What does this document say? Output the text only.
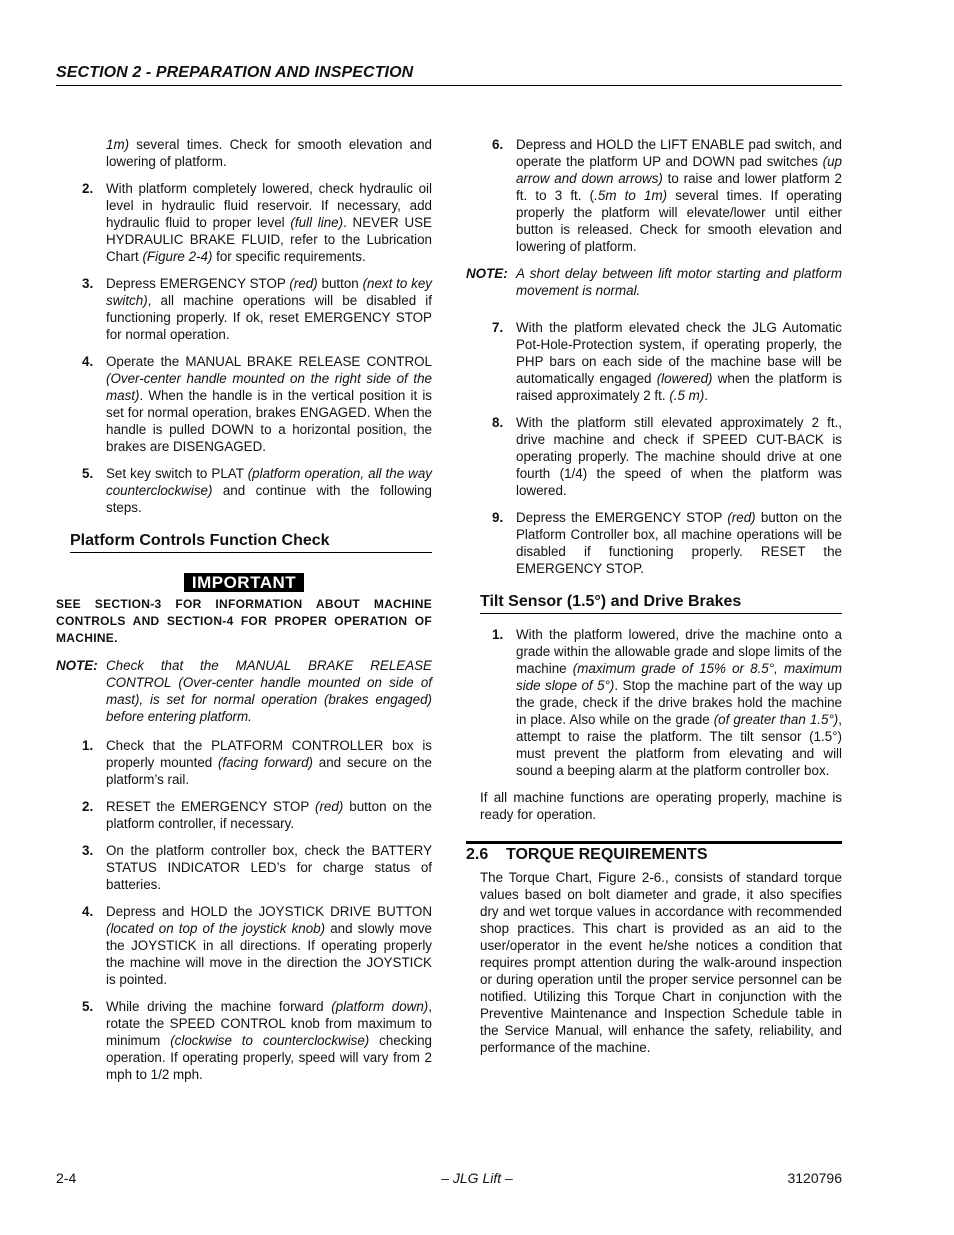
SECTION 2 - PREPARATION AND INSPECTION
1m) several times. Check for smooth elevation and lowering of platform.
2. With platform completely lowered, check hydraulic oil level in hydraulic fluid reservoir. If necessary, add hydraulic fluid to proper level (full line). NEVER USE HYDRAULIC BRAKE FLUID, refer to the Lubrication Chart (Figure 2-4) for specific requirements.
3. Depress EMERGENCY STOP (red) button (next to key switch), all machine operations will be disabled if functioning properly. If ok, reset EMERGENCY STOP for normal operation.
4. Operate the MANUAL BRAKE RELEASE CONTROL (Over-center handle mounted on the right side of the mast). When the handle is in the vertical position it is set for normal operation, brakes ENGAGED. When the handle is pulled DOWN to a horizontal position, the brakes are DISENGAGED.
5. Set key switch to PLAT (platform operation, all the way counterclockwise) and continue with the following steps.
Platform Controls Function Check
IMPORTANT
SEE SECTION-3 FOR INFORMATION ABOUT MACHINE CONTROLS AND SECTION-4 FOR PROPER OPERATION OF MACHINE.
NOTE: Check that the MANUAL BRAKE RELEASE CONTROL (Over-center handle mounted on side of mast), is set for normal operation (brakes engaged) before entering platform.
1. Check that the PLATFORM CONTROLLER box is properly mounted (facing forward) and secure on the platform’s rail.
2. RESET the EMERGENCY STOP (red) button on the platform controller, if necessary.
3. On the platform controller box, check the BATTERY STATUS INDICATOR LED’s for charge status of batteries.
4. Depress and HOLD the JOYSTICK DRIVE BUTTON (located on top of the joystick knob) and slowly move the JOYSTICK in all directions. If operating properly the machine will move in the direction the JOYSTICK is pointed.
5. While driving the machine forward (platform down), rotate the SPEED CONTROL knob from maximum to minimum (clockwise to counterclockwise) checking operation. If operating properly, speed will vary from 2 mph to 1/2 mph.
6. Depress and HOLD the LIFT ENABLE pad switch, and operate the platform UP and DOWN pad switches (up arrow and down arrows) to raise and lower platform 2 ft. to 3 ft. (.5m to 1m) several times. If operating properly the platform will elevate/lower until either button is released. Check for smooth elevation and lowering of platform.
NOTE: A short delay between lift motor starting and platform movement is normal.
7. With the platform elevated check the JLG Automatic Pot-Hole-Protection system, if operating properly, the PHP bars on each side of the machine base will be automatically engaged (lowered) when the platform is raised approximately 2 ft. (.5 m).
8. With the platform still elevated approximately 2 ft., drive machine and check if SPEED CUT-BACK is operating properly. The machine should drive at one fourth (1/4) the speed of when the platform was lowered.
9. Depress the EMERGENCY STOP (red) button on the Platform Controller box, all machine operations will be disabled if functioning properly. RESET the EMERGENCY STOP.
Tilt Sensor (1.5°) and Drive Brakes
1. With the platform lowered, drive the machine onto a grade within the allowable grade and slope limits of the machine (maximum grade of 15% or 8.5°, maximum side slope of 5°). Stop the machine part of the way up the grade, check if the drive brakes hold the machine in place. Also while on the grade (of greater than 1.5°), attempt to raise the platform. The tilt sensor (1.5°) must prevent the platform from elevating and will sound a beeping alarm at the platform controller box.
If all machine functions are operating properly, machine is ready for operation.
2.6 TORQUE REQUIREMENTS
The Torque Chart, Figure 2-6., consists of standard torque values based on bolt diameter and grade, it also specifies dry and wet torque values in accordance with recommended shop practices. This chart is provided as an aid to the user/operator in the event he/she notices a condition that requires prompt attention during the walk-around inspection or during operation until the proper service personnel can be notified. Utilizing this Torque Chart in conjunction with the Preventive Maintenance and Inspection Schedule table in the Service Manual, will enhance the safety, reliability, and performance of the machine.
– JLG Lift –
2-4	3120796
